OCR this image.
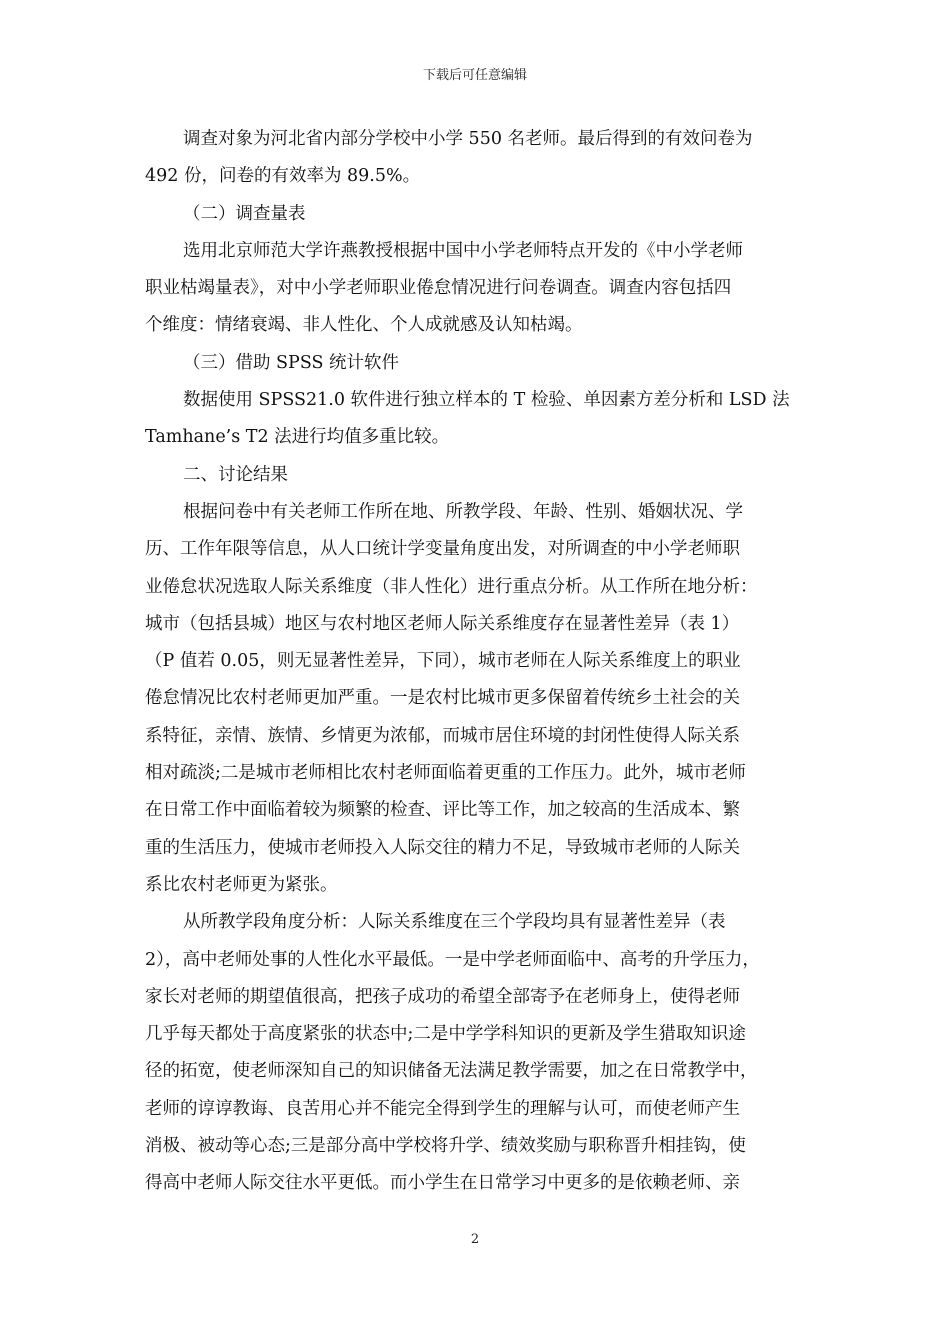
下载后可任意编辑
调查对象为河北省内部分学校中小学 550 名老师。最后得到的有效问卷为
492 份，问卷的有效率为 89.5%。
（二）调查量表
选用北京师范大学许燕教授根据中国中小学老师特点开发的《中小学老师
职业枯竭量表》，对中小学老师职业倦怠情况进行问卷调查。调查内容包括四
个维度：情绪衰竭、非人性化、个人成就感及认知枯竭。
（三）借助 SPSS 统计软件
数据使用 SPSS21.0 软件进行独立样本的 T 检验、单因素方差分析和 LSD 法
Tamhane’s T2 法进行均值多重比较。
二、讨论结果
根据问卷中有关老师工作所在地、所教学段、年龄、性别、婚姻状况、学
历、工作年限等信息，从人口统计学变量角度出发，对所调查的中小学老师职
业倦怠状况选取人际关系维度（非人性化）进行重点分析。从工作所在地分析：
城市（包括县城）地区与农村地区老师人际关系维度存在显著性差异（表 1）
（P 值若 0.05，则无显著性差异，下同），城市老师在人际关系维度上的职业
倦怠情况比农村老师更加严重。一是农村比城市更多保留着传统乡土社会的关
系特征，亲情、族情、乡情更为浓郁，而城市居住环境的封闭性使得人际关系
相对疏淡;二是城市老师相比农村老师面临着更重的工作压力。此外，城市老师
在日常工作中面临着较为频繁的检查、评比等工作，加之较高的生活成本、繁
重的生活压力，使城市老师投入人际交往的精力不足，导致城市老师的人际关
系比农村老师更为紧张。
从所教学段角度分析：人际关系维度在三个学段均具有显著性差异（表
2），高中老师处事的人性化水平最低。一是中学老师面临中、高考的升学压力，
家长对老师的期望值很高，把孩子成功的希望全部寄予在老师身上，使得老师
几乎每天都处于高度紧张的状态中;二是中学学科知识的更新及学生猎取知识途
径的拓宽，使老师深知自己的知识储备无法满足教学需要，加之在日常教学中，
老师的谆谆教诲、良苦用心并不能完全得到学生的理解与认可，而使老师产生
消极、被动等心态;三是部分高中学校将升学、绩效奖励与职称晋升相挂钩，使
得高中老师人际交往水平更低。而小学生在日常学习中更多的是依赖老师、亲
2
